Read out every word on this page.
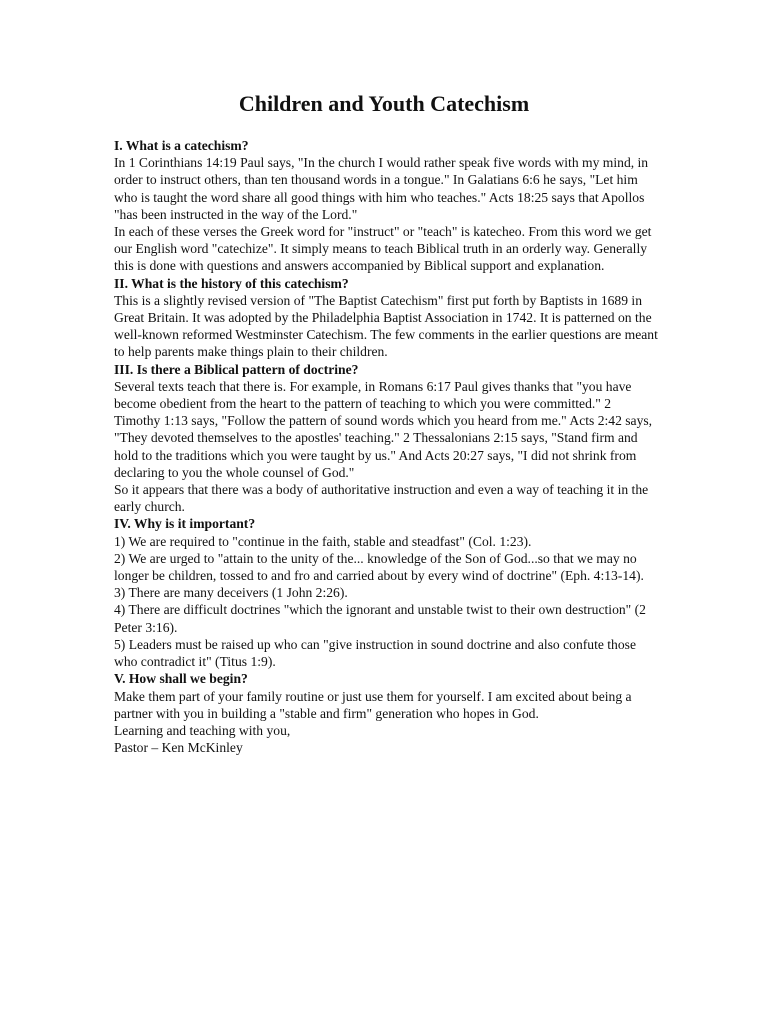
Children and Youth Catechism

I. What is a catechism?

In 1 Corinthians 14:19 Paul says, "In the church I would rather speak five words with my mind, in order to instruct others, than ten thousand words in a tongue." In Galatians 6:6 he says, "Let him who is taught the word share all good things with him who teaches." Acts 18:25 says that Apollos "has been instructed in the way of the Lord."

In each of these verses the Greek word for "instruct" or "teach" is katecheo. From this word we get our English word "catechize". It simply means to teach Biblical truth in an orderly way. Generally this is done with questions and answers accompanied by Biblical support and explanation.

II. What is the history of this catechism?

This is a slightly revised version of "The Baptist Catechism" first put forth by Baptists in 1689 in Great Britain. It was adopted by the Philadelphia Baptist Association in 1742. It is patterned on the well-known reformed Westminster Catechism. The few comments in the earlier questions are meant to help parents make things plain to their children.

III. Is there a Biblical pattern of doctrine?

Several texts teach that there is. For example, in Romans 6:17 Paul gives thanks that "you have become obedient from the heart to the pattern of teaching to which you were committed." 2 Timothy 1:13 says, "Follow the pattern of sound words which you heard from me." Acts 2:42 says, "They devoted themselves to the apostles' teaching." 2 Thessalonians 2:15 says, "Stand firm and hold to the traditions which you were taught by us." And Acts 20:27 says, "I did not shrink from declaring to you the whole counsel of God."

So it appears that there was a body of authoritative instruction and even a way of teaching it in the early church.

IV. Why is it important?

1) We are required to "continue in the faith, stable and steadfast" (Col. 1:23).

2) We are urged to "attain to the unity of the... knowledge of the Son of God...so that we may no longer be children, tossed to and fro and carried about by every wind of doctrine" (Eph. 4:13-14).

3) There are many deceivers (1 John 2:26).

4) There are difficult doctrines "which the ignorant and unstable twist to their own destruction" (2 Peter 3:16).

5) Leaders must be raised up who can "give instruction in sound doctrine and also confute those who contradict it" (Titus 1:9).

V. How shall we begin?

Make them part of your family routine or just use them for yourself. I am excited about being a partner with you in building a "stable and firm" generation who hopes in God.

Learning and teaching with you,

Pastor – Ken McKinley
